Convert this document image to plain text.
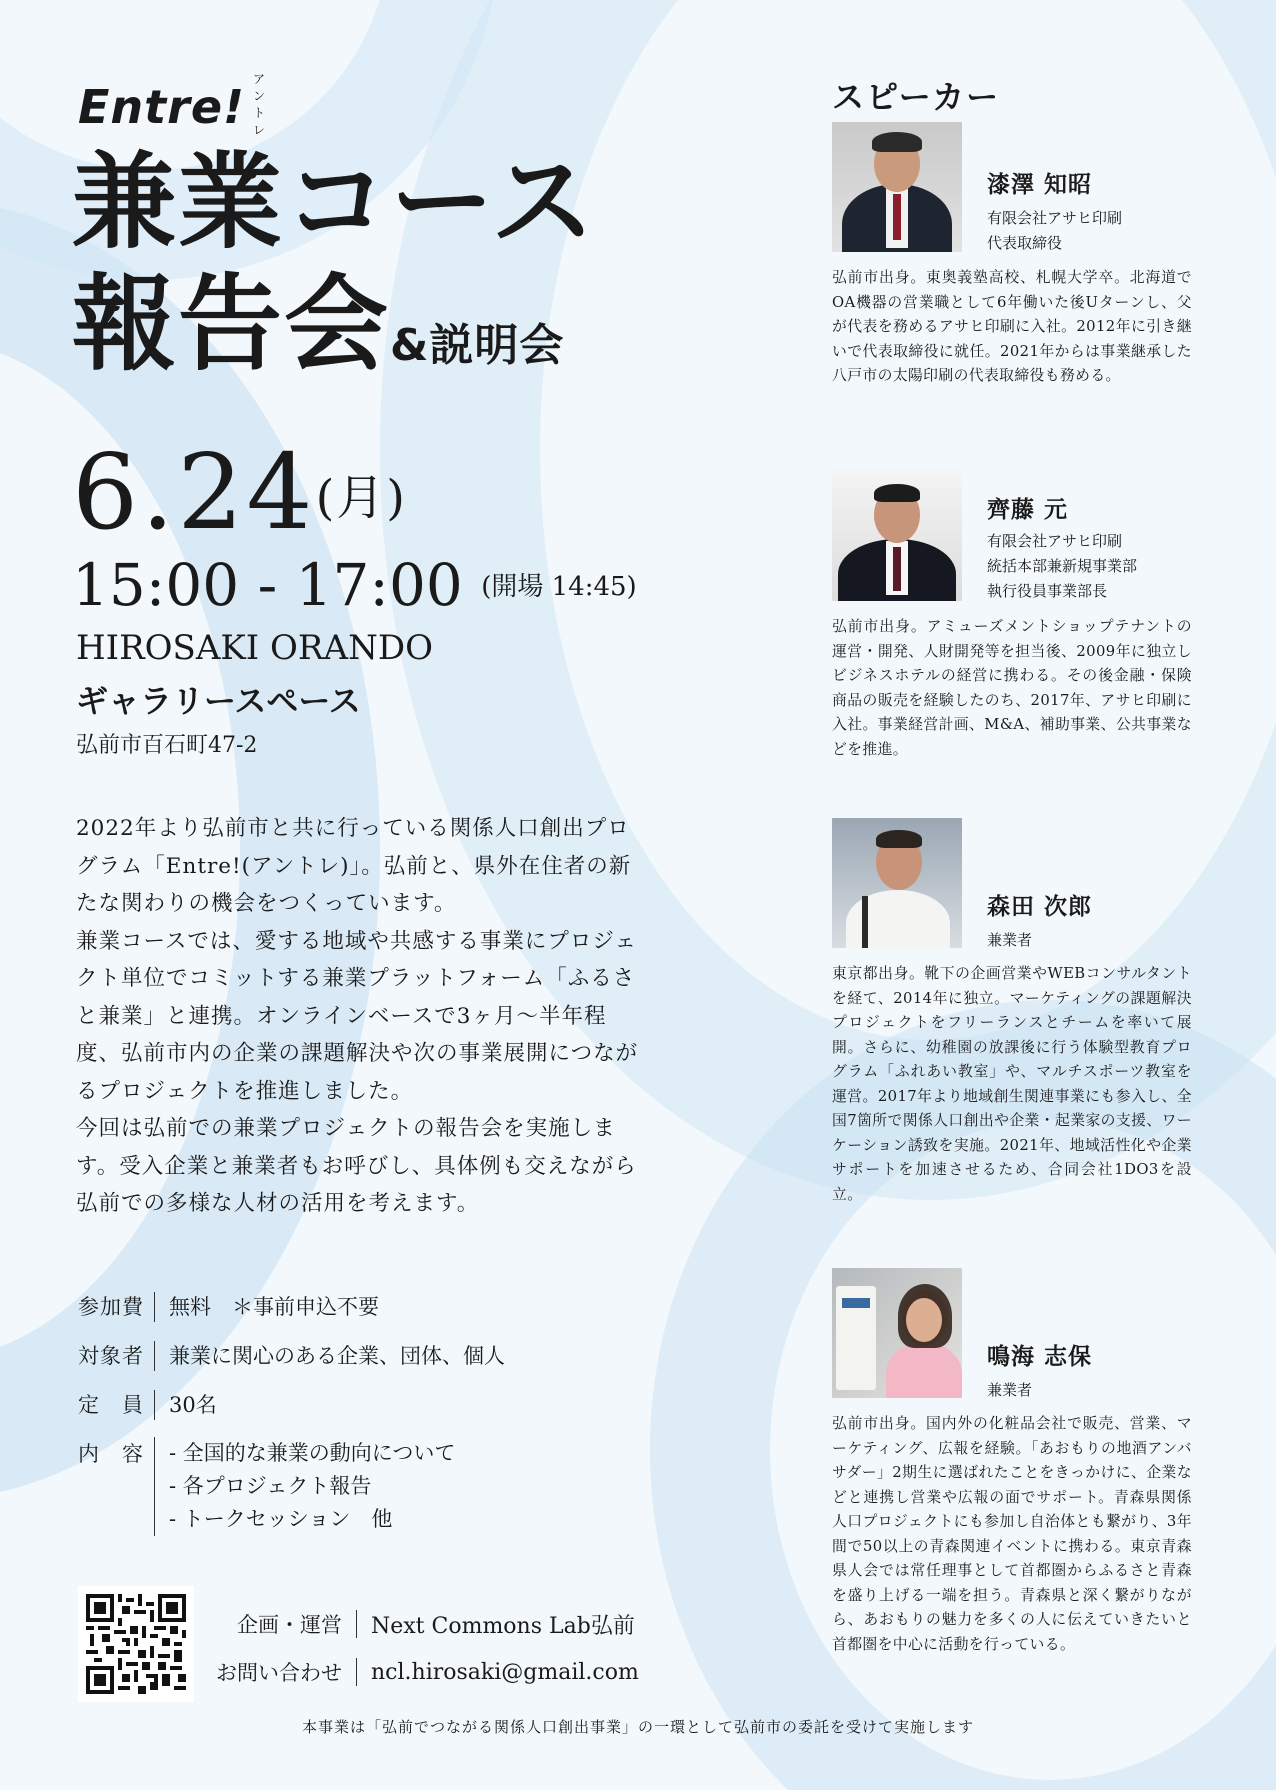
アントレ
Entre!
兼業コース
報告会&説明会
6.24(月)
15:00 - 17:00 (開場 14:45)
HIROSAKI ORANDO
ギャラリースペース
弘前市百石町47-2

2022年より弘前市と共に行っている関係人口創出プログラム「Entre!(アントレ)」。弘前と、県外在住者の新たな関わりの機会をつくっています。

兼業コースでは、愛する地域や共感する事業にプロジェクト単位でコミットする兼業プラットフォーム「ふるさと兼業」と連携。オンラインベースで3ヶ月〜半年程度、弘前市内の企業の課題解決や次の事業展開につながるプロジェクトを推進しました。

今回は弘前での兼業プロジェクトの報告会を実施します。受入企業と兼業者もお呼びし、具体例も交えながら弘前での多様な人材の活用を考えます。

参加費	無料　＊事前申込不要
対象者	兼業に関心のある企業、団体、個人
定　員	30名
内　容	- 全国的な兼業の動向について
- 各プロジェクト報告
- トークセッション　他
企画・運営 Next Commons Lab弘前
お問い合わせ ncl.hirosaki@gmail.com
スピーカー
漆澤 知昭
有限会社アサヒ印刷
代表取締役

弘前市出身。東奥義塾高校、札幌大学卒。北海道でOA機器の営業職として6年働いた後Uターンし、父が代表を務めるアサヒ印刷に入社。2012年に引き継いで代表取締役に就任。2021年からは事業継承した八戸市の太陽印刷の代表取締役も務める。

齊藤 元
有限会社アサヒ印刷
統括本部兼新規事業部
執行役員事業部長

弘前市出身。アミューズメントショップテナントの運営・開発、人財開発等を担当後、2009年に独立しビジネスホテルの経営に携わる。その後金融・保険商品の販売を経験したのち、2017年、アサヒ印刷に入社。事業経営計画、M&A、補助事業、公共事業などを推進。

森田 次郎
兼業者

東京都出身。靴下の企画営業やWEBコンサルタントを経て、2014年に独立。マーケティングの課題解決プロジェクトをフリーランスとチームを率いて展開。さらに、幼稚園の放課後に行う体験型教育プログラム「ふれあい教室」や、マルチスポーツ教室を運営。2017年より地域創生関連事業にも参入し、全国7箇所で関係人口創出や企業・起業家の支援、ワーケーション誘致を実施。2021年、地域活性化や企業サポートを加速させるため、合同会社1DO3を設立。

鳴海 志保
兼業者

弘前市出身。国内外の化粧品会社で販売、営業、マーケティング、広報を経験。「あおもりの地酒アンバサダー」2期生に選ばれたことをきっかけに、企業などと連携し営業や広報の面でサポート。青森県関係人口プロジェクトにも参加し自治体とも繋がり、3年間で50以上の青森関連イベントに携わる。東京青森県人会では常任理事として首都圏からふるさと青森を盛り上げる一端を担う。青森県と深く繋がりながら、あおもりの魅力を多くの人に伝えていきたいと首都圏を中心に活動を行っている。

本事業は「弘前でつながる関係人口創出事業」の一環として弘前市の委託を受けて実施します
